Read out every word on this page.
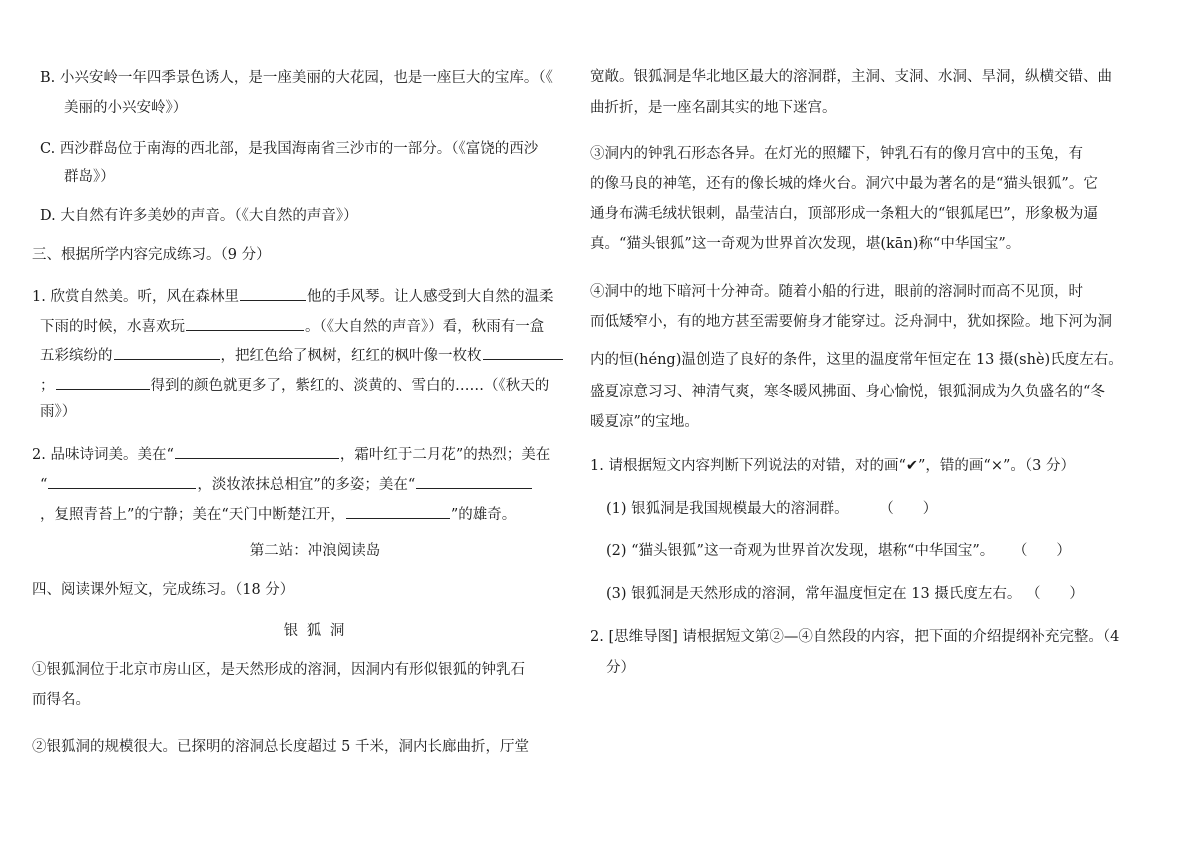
B. 小兴安岭一年四季景色诱人，是一座美丽的大花园，也是一座巨大的宝库。（《
美丽的小兴安岭》）
C. 西沙群岛位于南海的西北部，是我国海南省三沙市的一部分。（《富饶的西沙
群岛》）
D. 大自然有许多美妙的声音。（《大自然的声音》）
三、根据所学内容完成练习。（9 分）
1. 欣赏自然美。听，风在森林里	他的手风琴。让人感受到大自然的温柔
下雨的时候，水喜欢玩	。（《大自然的声音》）看，秋雨有一盒
五彩缤纷的	，把红色给了枫树，红红的枫叶像一枚枚
；	得到的颜色就更多了，紫红的、淡黄的、雪白的……（《秋天的
雨》）
2. 品味诗词美。美在“	，霜叶红于二月花”的热烈；美在
“	，淡妆浓抹总相宜”的多姿；美在“
，复照青苔上”的宁静；美在“天门中断楚江开，	”的雄奇。
第二站：冲浪阅读岛
四、阅读课外短文，完成练习。（18 分）
银 狐 洞
①银狐洞位于北京市房山区，是天然形成的溶洞，因洞内有形似银狐的钟乳石
而得名。
②银狐洞的规模很大。已探明的溶洞总长度超过 5 千米，洞内长廊曲折，厅堂
宽敞。银狐洞是华北地区最大的溶洞群，主洞、支洞、水洞、旱洞，纵横交错、曲
曲折折，是一座名副其实的地下迷宫。
③洞内的钟乳石形态各异。在灯光的照耀下，钟乳石有的像月宫中的玉兔，有
的像马良的神笔，还有的像长城的烽火台。洞穴中最为著名的是“猫头银狐”。它
通身布满毛绒状银刺，晶莹洁白，顶部形成一条粗大的“银狐尾巴”，形象极为逼
真。“猫头银狐”这一奇观为世界首次发现，堪(kān)称“中华国宝”。
④洞中的地下暗河十分神奇。随着小船的行进，眼前的溶洞时而高不见顶，时
而低矮窄小，有的地方甚至需要俯身才能穿过。泛舟洞中，犹如探险。地下河为洞
内的恒(héng)温创造了良好的条件，这里的温度常年恒定在 13 摄(shè)氏度左右。
盛夏凉意习习、神清气爽，寒冬暖风拂面、身心愉悦，银狐洞成为久负盛名的“冬
暖夏凉”的宝地。
1. 请根据短文内容判断下列说法的对错，对的画“✔”，错的画“×”。（3 分）
(1) 银狐洞是我国规模最大的溶洞群。 （　　）
(2) “猫头银狐”这一奇观为世界首次发现，堪称“中华国宝”。 （　　）
(3) 银狐洞是天然形成的溶洞，常年温度恒定在 13 摄氏度左右。 （　　）
2. [思维导图] 请根据短文第②—④自然段的内容，把下面的介绍提纲补充完整。（4
分）
